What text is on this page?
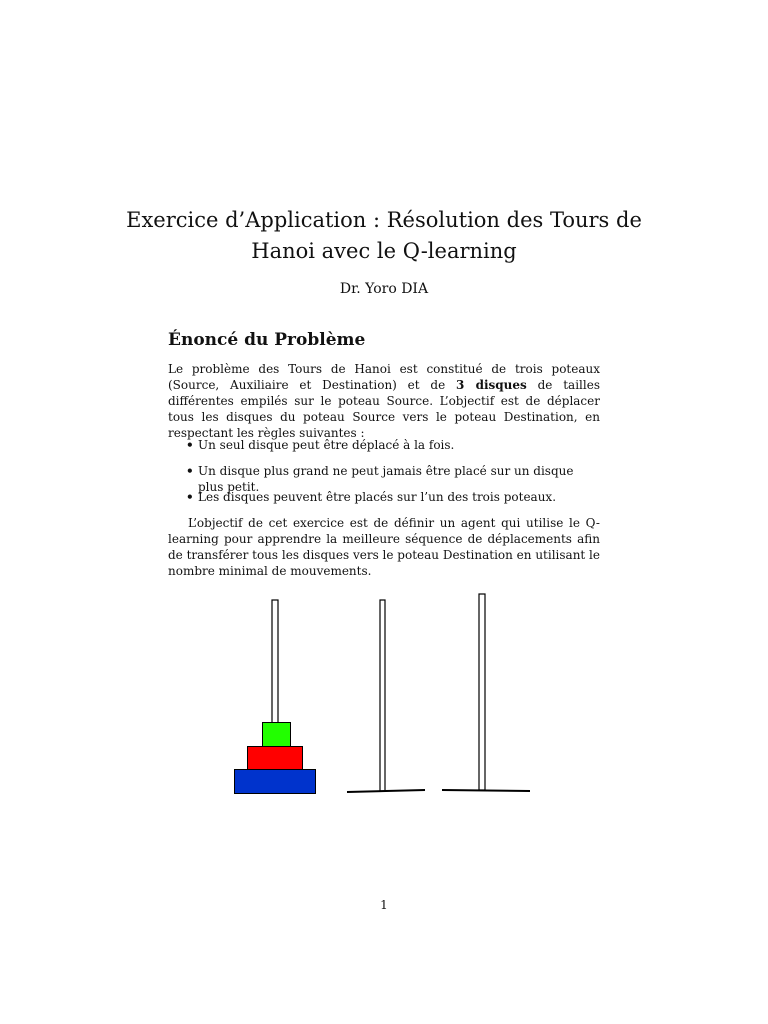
Exercice d’Application : Résolution des Tours de Hanoi avec le Q-learning
Dr. Yoro DIA
Énoncé du Problème

Le problème des Tours de Hanoi est constitué de trois poteaux (Source, Auxiliaire et Destination) et de 3 disques de tailles différentes empilés sur le poteau Source. L’objectif est de déplacer tous les disques du poteau Source vers le poteau Destination, en respectant les règles suivantes :

• Un seul disque peut être déplacé à la fois.
• Un disque plus grand ne peut jamais être placé sur un disque plus petit.
• Les disques peuvent être placés sur l’un des trois poteaux.

L’objectif de cet exercice est de définir un agent qui utilise le Q-learning pour apprendre la meilleure séquence de déplacements afin de transférer tous les disques vers le poteau Destination en utilisant le nombre minimal de mouvements.

1
